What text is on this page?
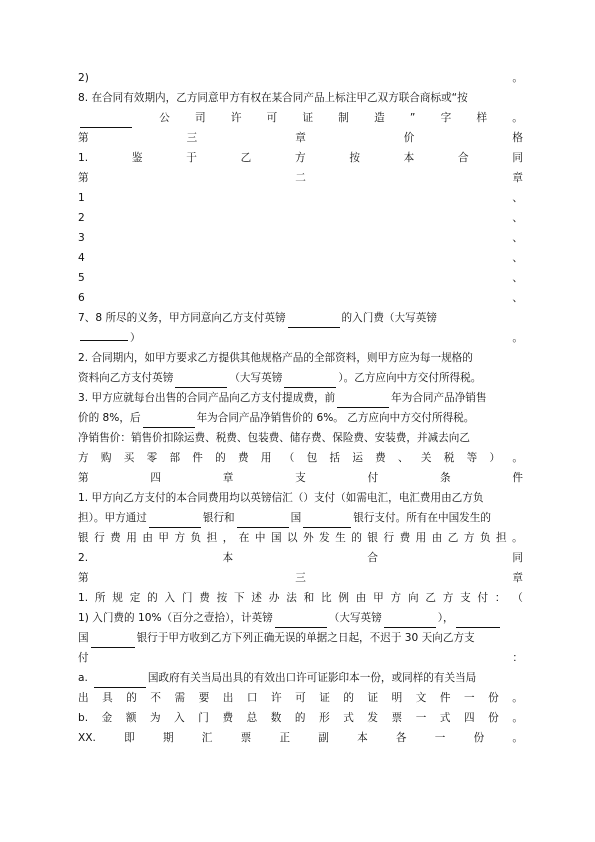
2)	。
8. 在合同有效期内，乙方同意甲方有权在某合同产品上标注甲乙双方联合商标或“按
公 司 许 可 证 制 造 ” 字 样 。
第	三	章	价	格
1.	鉴	于	乙	方	按	本	合	同
第	二	章
1	、
2	、
3	、
4	、
5	、
6	、
7、8 所尽的义务，甲方同意向乙方支付英镑	的入门费（大写英镑
）	。
2. 合同期内，如甲方要求乙方提供其他规格产品的全部资料，则甲方应为每一规格的
资料向乙方支付英镑	（大写英镑	）。乙方应向中方交付所得税。
3. 甲方应就每台出售的合同产品向乙方支付提成费，前	年为合同产品净销售
价的 8%，后	年为合同产品净销售价的 6%。 乙方应向中方交付所得税。
净销售价：销售价扣除运费、税费、包装费、储存费、保险费、安装费，并减去向乙
方 购 买 零 部 件 的 费 用 （ 包 括 运 费 、 关 税 等 ） 。
第	四	章	支	付	条	件
1. 甲方向乙方支付的本合同费用均以英镑信汇（）支付（如需电汇，电汇费用由乙方负
担）。甲方通过	银行和	国	银行支付。所有在中国发生的
银 行 费 用 由 甲 方 负 担 ， 在 中 国 以 外 发 生 的 银 行 费 用 由 乙 方 负 担 。
2.	本	合	同
第	三	章
1. 所 规 定 的 入 门 费 按 下 述 办 法 和 比 例 由 甲 方 向 乙 方 支 付 ： （
1) 入门费的 10%（百分之壹拾），计英镑	（大写英镑	），
国	银行于甲方收到乙方下列正确无误的单据之日起，不迟于 30 天向乙方支
付	：
a.	国政府有关当局出具的有效出口许可证影印本一份，或同样的有关当局
出 具 的 不 需 要 出 口 许 可 证 的 证 明 文 件 一 份 。
b. 金 额 为 入 门 费 总 数 的 形 式 发 票 一 式 四 份 。
XX.	即	期	汇	票	正	副	本	各	一	份	。
